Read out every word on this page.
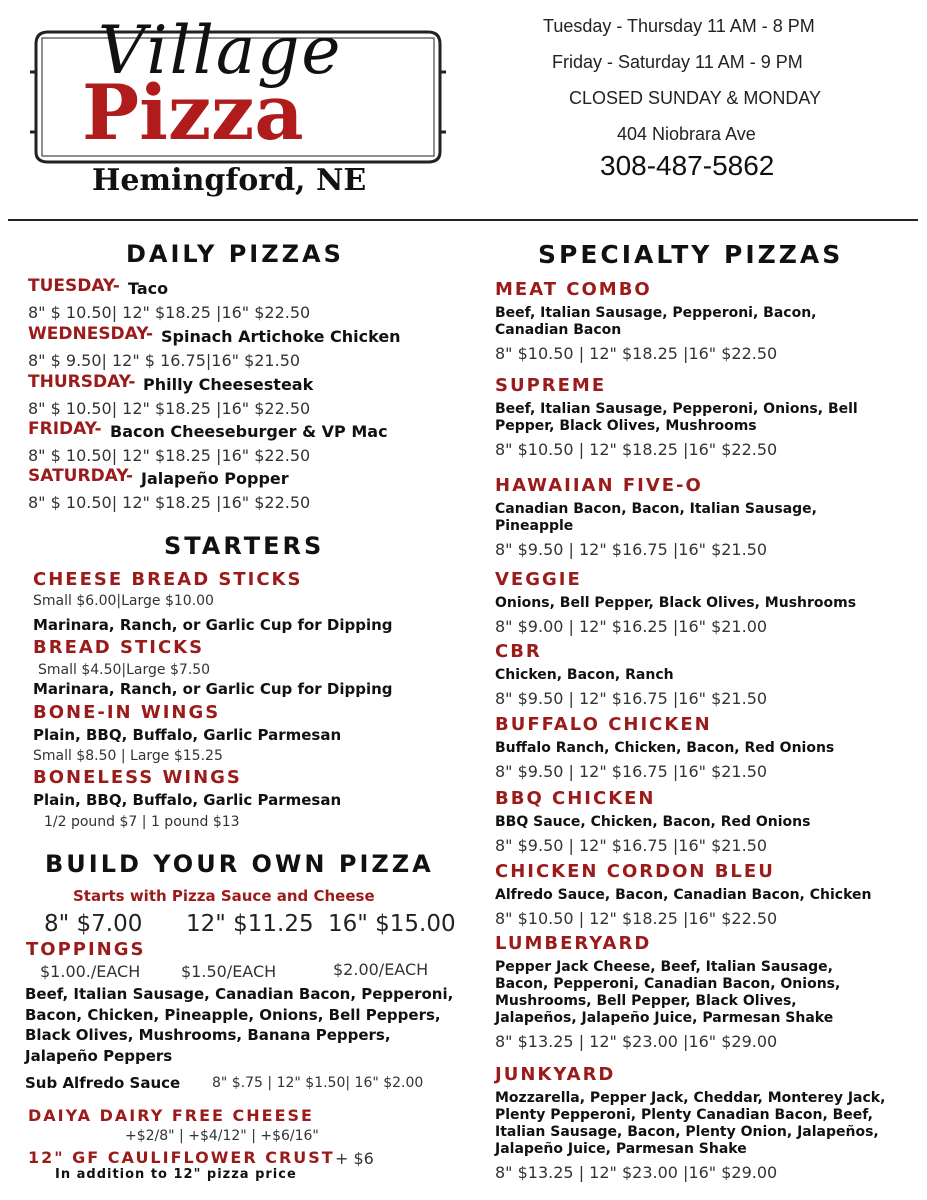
Village
Pizza
Hemingford, NE
Tuesday - Thursday 11 AM - 8 PM
Friday - Saturday 11 AM - 9 PM
CLOSED SUNDAY & MONDAY
404 Niobrara Ave
308-487-5862
DAILY PIZZAS
TUESDAY- Taco
8" $ 10.50| 12" $18.25 |16" $22.50
WEDNESDAY- Spinach Artichoke Chicken
8" $ 9.50| 12" $ 16.75|16" $21.50
THURSDAY- Philly Cheesesteak
8" $ 10.50| 12" $18.25 |16" $22.50
FRIDAY- Bacon Cheeseburger & VP Mac
8" $ 10.50| 12" $18.25 |16" $22.50
SATURDAY- Jalapeño Popper
8" $ 10.50| 12" $18.25 |16" $22.50
STARTERS
CHEESE BREAD STICKS
Small $6.00|Large $10.00
Marinara, Ranch, or Garlic Cup for Dipping
BREAD STICKS
Small $4.50|Large $7.50
Marinara, Ranch, or Garlic Cup for Dipping
BONE-IN WINGS
Small $8.50 | Large $15.25
Plain, BBQ, Buffalo, Garlic Parmesan
BONELESS WINGS
1/2 pound $7 | 1 pound $13
Plain, BBQ, Buffalo, Garlic Parmesan
BUILD YOUR OWN PIZZA
Starts with Pizza Sauce and Cheese
8" $7.00 12" $11.25 16" $15.00
TOPPINGS
$1.00./EACH	$1.50/EACH	$2.00/EACH
Beef, Italian Sausage, Canadian Bacon, Pepperoni,
Bacon, Chicken, Pineapple, Onions, Bell Peppers,
Black Olives, Mushrooms, Banana Peppers,
Jalapeño Peppers
Sub Alfredo Sauce 8" $.75 | 12" $1.50| 16" $2.00
DAIYA DAIRY FREE CHEESE
+$2/8" | +$4/12" | +$6/16"
12" GF CAULIFLOWER CRUST + $6
In addition to 12" pizza price
SPECIALTY PIZZAS
MEAT COMBO
Beef, Italian Sausage, Pepperoni, Bacon,
Canadian Bacon
8" $10.50 | 12" $18.25 |16" $22.50
SUPREME
Beef, Italian Sausage, Pepperoni, Onions, Bell
Pepper, Black Olives, Mushrooms
8" $10.50 | 12" $18.25 |16" $22.50
HAWAIIAN FIVE-O
Canadian Bacon, Bacon, Italian Sausage,
Pineapple
8" $9.50 | 12" $16.75 |16" $21.50
VEGGIE
Onions, Bell Pepper, Black Olives, Mushrooms
8" $9.00 | 12" $16.25 |16" $21.00
CBR
Chicken, Bacon, Ranch
8" $9.50 | 12" $16.75 |16" $21.50
BUFFALO CHICKEN
Buffalo Ranch, Chicken, Bacon, Red Onions
8" $9.50 | 12" $16.75 |16" $21.50
BBQ CHICKEN
BBQ Sauce, Chicken, Bacon, Red Onions
8" $9.50 | 12" $16.75 |16" $21.50
CHICKEN CORDON BLEU
Alfredo Sauce, Bacon, Canadian Bacon, Chicken
8" $10.50 | 12" $18.25 |16" $22.50
LUMBERYARD
Pepper Jack Cheese, Beef, Italian Sausage,
Bacon, Pepperoni, Canadian Bacon, Onions,
Mushrooms, Bell Pepper, Black Olives,
Jalapeños, Jalapeño Juice, Parmesan Shake
8" $13.25 | 12" $23.00 |16" $29.00
JUNKYARD
Mozzarella, Pepper Jack, Cheddar, Monterey Jack,
Plenty Pepperoni, Plenty Canadian Bacon, Beef,
Italian Sausage, Bacon, Plenty Onion, Jalapeños,
Jalapeño Juice, Parmesan Shake
8" $13.25 | 12" $23.00 |16" $29.00
